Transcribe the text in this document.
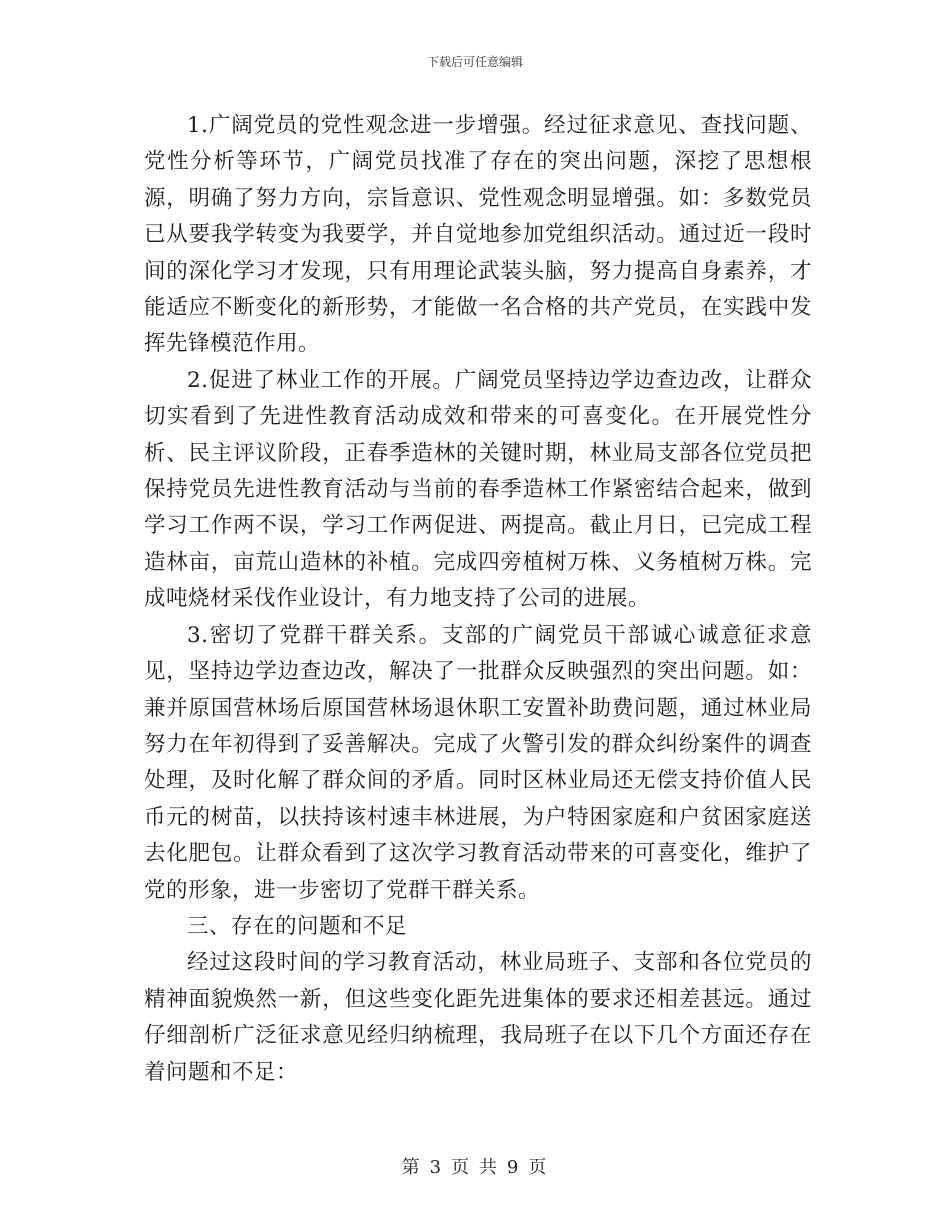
下载后可任意编辑

1.广阔党员的党性观念进一步增强。经过征求意见、查找问题、党性分析等环节，广阔党员找准了存在的突出问题，深挖了思想根源，明确了努力方向，宗旨意识、党性观念明显增强。如：多数党员已从要我学转变为我要学，并自觉地参加党组织活动。通过近一段时间的深化学习才发现，只有用理论武装头脑，努力提高自身素养，才能适应不断变化的新形势，才能做一名合格的共产党员，在实践中发挥先锋模范作用。

2.促进了林业工作的开展。广阔党员坚持边学边查边改，让群众切实看到了先进性教育活动成效和带来的可喜变化。在开展党性分析、民主评议阶段，正春季造林的关键时期，林业局支部各位党员把保持党员先进性教育活动与当前的春季造林工作紧密结合起来，做到学习工作两不误，学习工作两促进、两提高。截止月日，已完成工程造林亩，亩荒山造林的补植。完成四旁植树万株、义务植树万株。完成吨烧材采伐作业设计，有力地支持了公司的进展。

3.密切了党群干群关系。支部的广阔党员干部诚心诚意征求意见，坚持边学边查边改，解决了一批群众反映强烈的突出问题。如：兼并原国营林场后原国营林场退休职工安置补助费问题，通过林业局努力在年初得到了妥善解决。完成了火警引发的群众纠纷案件的调查处理，及时化解了群众间的矛盾。同时区林业局还无偿支持价值人民币元的树苗，以扶持该村速丰林进展，为户特困家庭和户贫困家庭送去化肥包。让群众看到了这次学习教育活动带来的可喜变化，维护了党的形象，进一步密切了党群干群关系。

三、存在的问题和不足

经过这段时间的学习教育活动，林业局班子、支部和各位党员的精神面貌焕然一新，但这些变化距先进集体的要求还相差甚远。通过仔细剖析广泛征求意见经归纳梳理，我局班子在以下几个方面还存在着问题和不足：

第 3 页 共 9 页
